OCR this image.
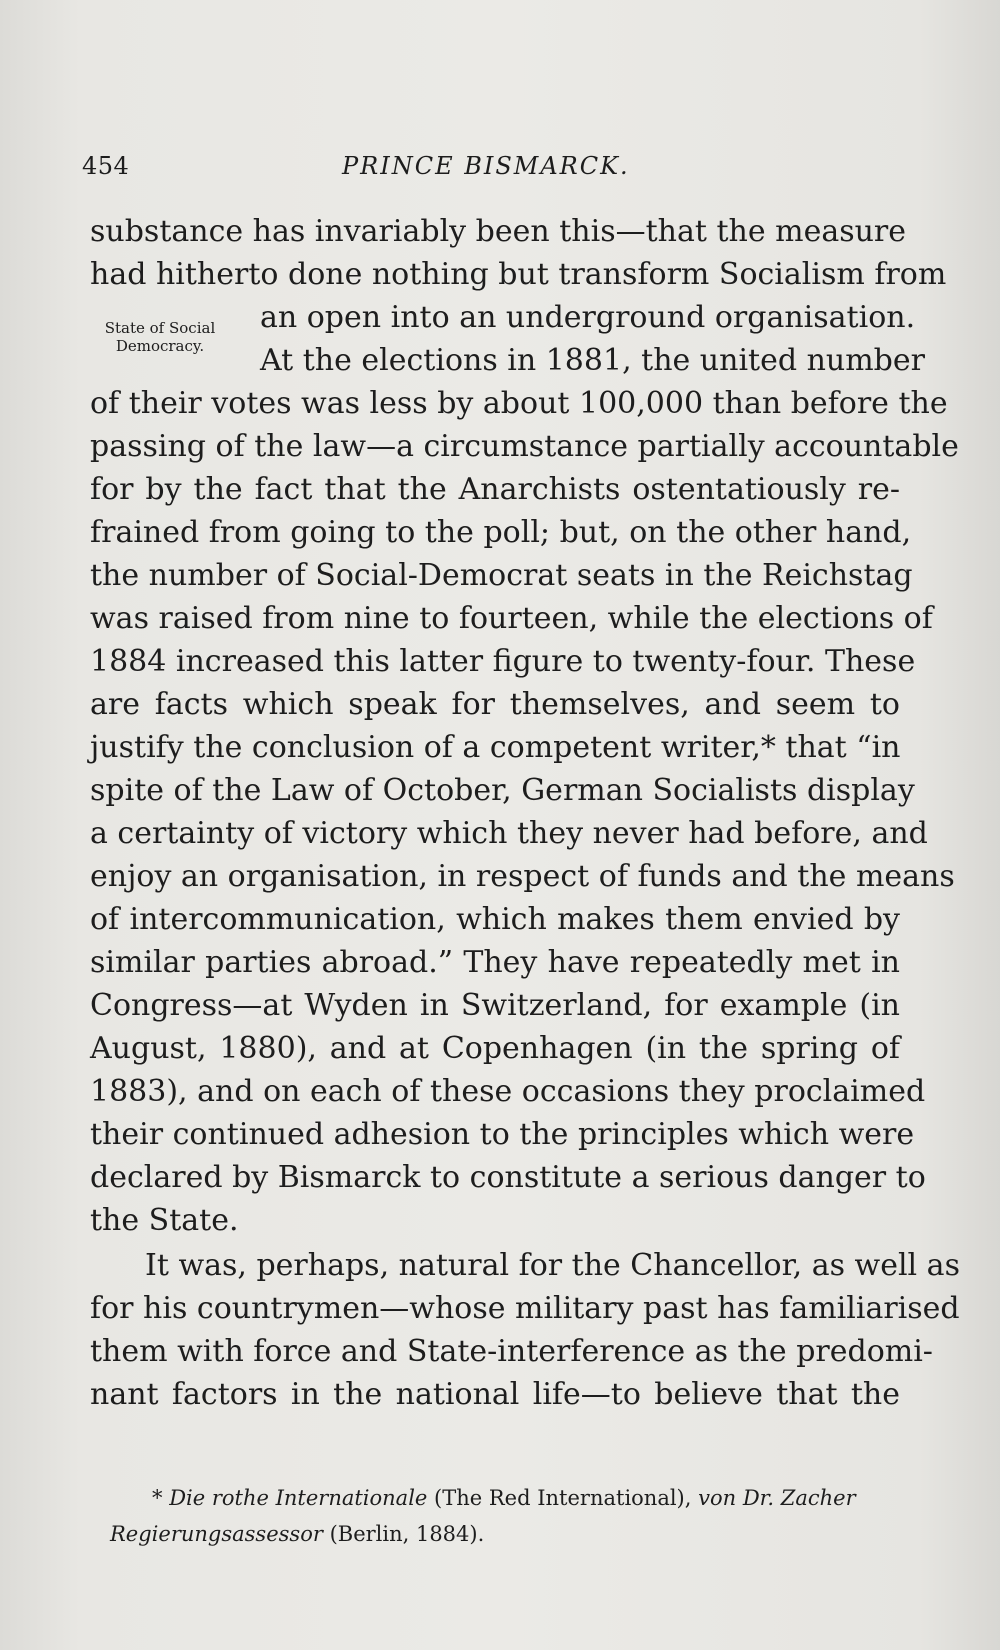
454	PRINCE BISMARCK.
State of Social
Democracy.
substance has invariably been this—that the measure
had hitherto done nothing but transform Socialism from
an open into an underground organisation.
At the elections in 1881, the united number
of their votes was less by about 100,000 than before the
passing of the law—a circumstance partially accountable
for by the fact that the Anarchists ostentatiously re-
frained from going to the poll; but, on the other hand,
the number of Social-Democrat seats in the Reichstag
was raised from nine to fourteen, while the elections of
1884 increased this latter figure to twenty-four. These
are facts which speak for themselves, and seem to
justify the conclusion of a competent writer,* that “in
spite of the Law of October, German Socialists display
a certainty of victory which they never had before, and
enjoy an organisation, in respect of funds and the means
of intercommunication, which makes them envied by
similar parties abroad.” They have repeatedly met in
Congress—at Wyden in Switzerland, for example (in
August, 1880), and at Copenhagen (in the spring of
1883), and on each of these occasions they proclaimed
their continued adhesion to the principles which were
declared by Bismarck to constitute a serious danger to
the State.
It was, perhaps, natural for the Chancellor, as well as
for his countrymen—whose military past has familiarised
them with force and State-interference as the predomi-
nant factors in the national life—to believe that the
* Die rothe Internationale (The Red International), von Dr. Zacher
Regierungsassessor (Berlin, 1884).
